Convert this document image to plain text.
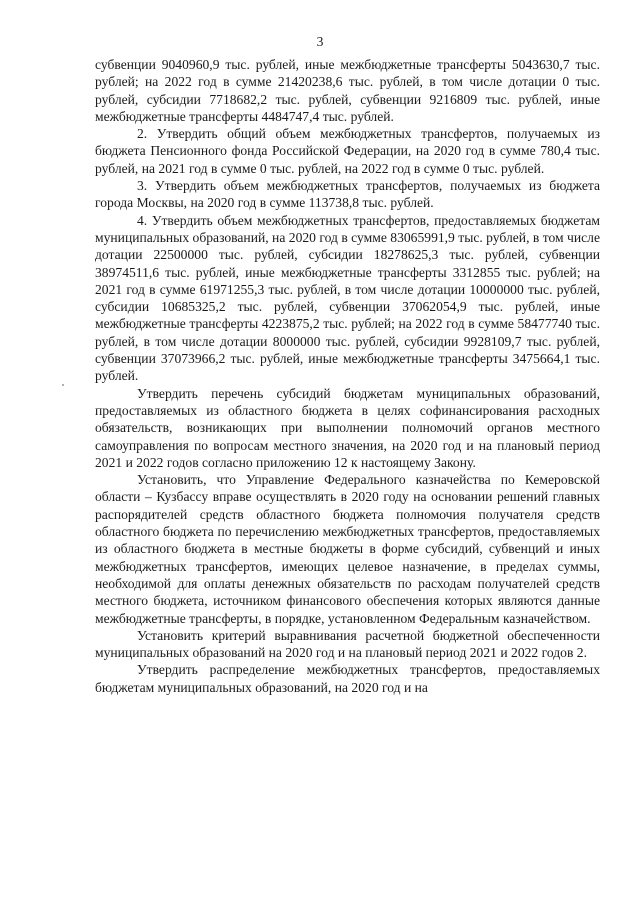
3

субвенции 9040960,9 тыс. рублей, иные межбюджетные трансферты 5043630,7 тыс. рублей; на 2022 год в сумме 21420238,6 тыс. рублей, в том числе дотации 0 тыс. рублей, субсидии 7718682,2 тыс. рублей, субвенции 9216809 тыс. рублей, иные межбюджетные трансферты 4484747,4 тыс. рублей.

2. Утвердить общий объем межбюджетных трансфертов, получаемых из бюджета Пенсионного фонда Российской Федерации, на 2020 год в сумме 780,4 тыс. рублей, на 2021 год в сумме 0 тыс. рублей, на 2022 год в сумме 0 тыс. рублей.

3. Утвердить объем межбюджетных трансфертов, получаемых из бюджета города Москвы, на 2020 год в сумме 113738,8 тыс. рублей.

4. Утвердить объем межбюджетных трансфертов, предоставляемых бюджетам муниципальных образований, на 2020 год в сумме 83065991,9 тыс. рублей, в том числе дотации 22500000 тыс. рублей, субсидии 18278625,3 тыс. рублей, субвенции 38974511,6 тыс. рублей, иные межбюджетные трансферты 3312855 тыс. рублей; на 2021 год в сумме 61971255,3 тыс. рублей, в том числе дотации 10000000 тыс. рублей, субсидии 10685325,2 тыс. рублей, субвенции 37062054,9 тыс. рублей, иные межбюджетные трансферты 4223875,2 тыс. рублей; на 2022 год в сумме 58477740 тыс. рублей, в том числе дотации 8000000 тыс. рублей, субсидии 9928109,7 тыс. рублей, субвенции 37073966,2 тыс. рублей, иные межбюджетные трансферты 3475664,1 тыс. рублей.

Утвердить перечень субсидий бюджетам муниципальных образований, предоставляемых из областного бюджета в целях софинансирования расходных обязательств, возникающих при выполнении полномочий органов местного самоуправления по вопросам местного значения, на 2020 год и на плановый период 2021 и 2022 годов согласно приложению 12 к настоящему Закону.

Установить, что Управление Федерального казначейства по Кемеровской области – Кузбассу вправе осуществлять в 2020 году на основании решений главных распорядителей средств областного бюджета полномочия получателя средств областного бюджета по перечислению межбюджетных трансфертов, предоставляемых из областного бюджета в местные бюджеты в форме субсидий, субвенций и иных межбюджетных трансфертов, имеющих целевое назначение, в пределах суммы, необходимой для оплаты денежных обязательств по расходам получателей средств местного бюджета, источником финансового обеспечения которых являются данные межбюджетные трансферты, в порядке, установленном Федеральным казначейством.

Установить критерий выравнивания расчетной бюджетной обеспеченности муниципальных образований на 2020 год и на плановый период 2021 и 2022 годов 2.

Утвердить распределение межбюджетных трансфертов, предоставляемых бюджетам муниципальных образований, на 2020 год и на
